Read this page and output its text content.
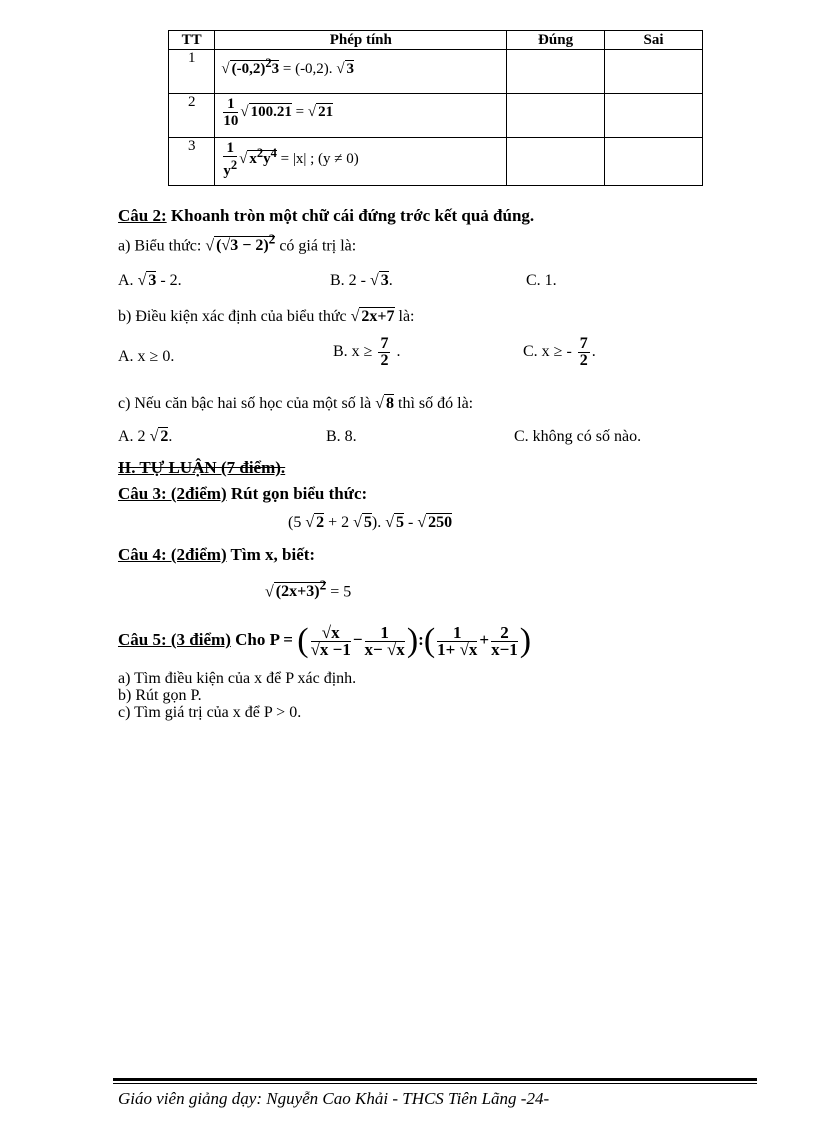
TT	Phép tính	Đúng	Sai
1	√ $(-0,2)^23 = (-0,2)$. √ 3		

2	$\frac{1}{10}$ √ 100.21 = √ 21		

3	$\frac{1}{y^2}$ √ $x^2y^4 = |x|$ ; (y ≠ 0)		

Câu 2: Khoanh tròn một chữ cái đứng trớc kết quả đúng.
a) Biểu thức: √ $(√3 - 2)^2$ có giá trị là:
A. √ 3 - 2.	B. 2 - √ 3.	C. 1.
b) Điều kiện xác định của biểu thức √ 2x+7 là:
A. x ≥ 0.	B. $x \ge \frac{7}{2}$ .	C. x ≥ - $\frac{7}{2}$ .
c) Nếu căn bậc hai số học của một số là √ 8 thì số đó là:
A. 2 √ 2.	B. 8.	C. không có số nào.
II. TỰ LUẬN (7 điểm).
Câu 3: (2điểm) Rút gọn biểu thức:
(5 √ 2 + 2 √ 5). √ 5 - √ 250
Câu 4: (2điểm) Tìm x, biết:
√ $(2x+3)^2 = 5$
Câu 5: (3 điểm) Cho P = ( $\frac{√x}{√x -1} - \frac{1}{x- √x}$ ):( $\frac{1}{1+ √x} + \frac{2}{x-1}$ )
a) Tìm điều kiện của x để P xác định.
b) Rút gọn P.
c) Tìm giá trị của x để P > 0.
Giáo viên giảng dạy: Nguyễn Cao Khải - THCS Tiên Lãng -24-
